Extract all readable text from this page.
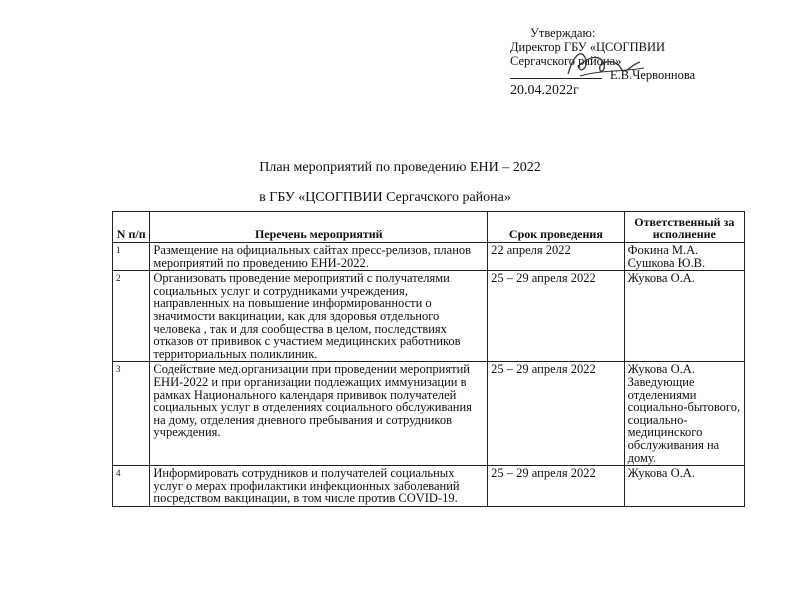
Утверждаю:
Директор ГБУ «ЦСОГПВИИ
Сергачского района»
Е.В.Червоннова
20.04.2022г
План мероприятий по проведению ЕНИ – 2022
в ГБУ «ЦСОГПВИИ Сергачского района»
N п/п	Перечень мероприятий	Срок проведения	Ответственный за исполнение
1	Размещение на официальных сайтах пресс-релизов, планов мероприятий по проведению ЕНИ-2022.	22 апреля 2022	Фокина М.А. Сушкова Ю.В.
2	Организовать проведение мероприятий с получателями социальных услуг и сотрудниками учреждения, направленных на повышение информированности о значимости вакцинации, как для здоровья отдельного человека , так и для сообщества в целом, последствиях отказов от прививок с участием медицинских работников территориальных поликлиник.	25 – 29 апреля 2022	Жукова О.А.
3	Содействие мед.организации при проведении мероприятий ЕНИ-2022 и при организации подлежащих иммунизации в рамках Национального календаря прививок получателей социальных услуг в отделениях социального обслуживания на дому, отделения дневного пребывания и сотрудников учреждения.	25 – 29 апреля 2022	Жукова О.А. Заведующие отделениями социально-бытового, социально-медицинского обслуживания на дому.
4	Информировать сотрудников и получателей социальных услуг о мерах профилактики инфекционных заболеваний посредством вакцинации, в том числе против COVID-19.	25 – 29 апреля 2022	Жукова О.А.
